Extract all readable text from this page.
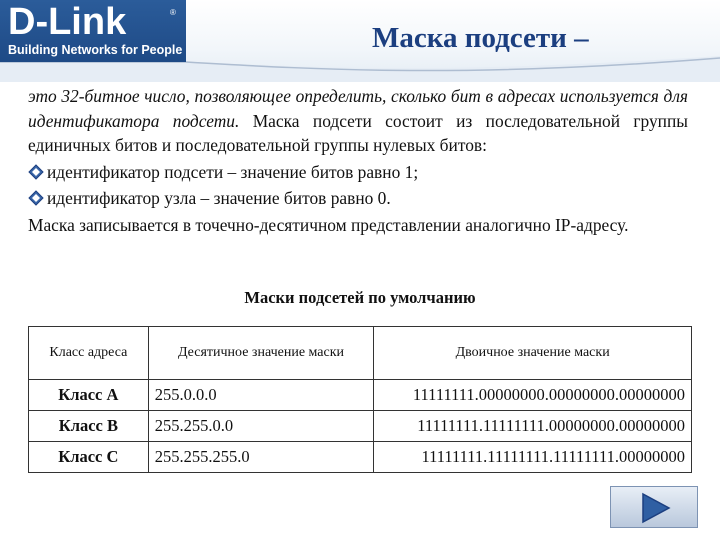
D-Link	®
Building Networks for People	Маска подсети –

это 32-битное число, позволяющее определить, сколько бит в адресах используется для идентификатора подсети. Маска подсети состоит из последовательной группы единичных битов и последовательной группы нулевых битов:

идентификатор подсети – значение битов равно 1;
идентификатор узла – значение битов равно 0.

Маска записывается в точечно-десятичном представлении аналогично IP-адресу.

Маски подсетей по умолчанию
Класс адреса	Десятичное значение маски	Двоичное значение маски
Класс А	255.0.0.0	11111111.00000000.00000000.00000000
Класс В	255.255.0.0	11111111.11111111.00000000.00000000
Класс С	255.255.255.0	11111111.11111111.11111111.00000000
